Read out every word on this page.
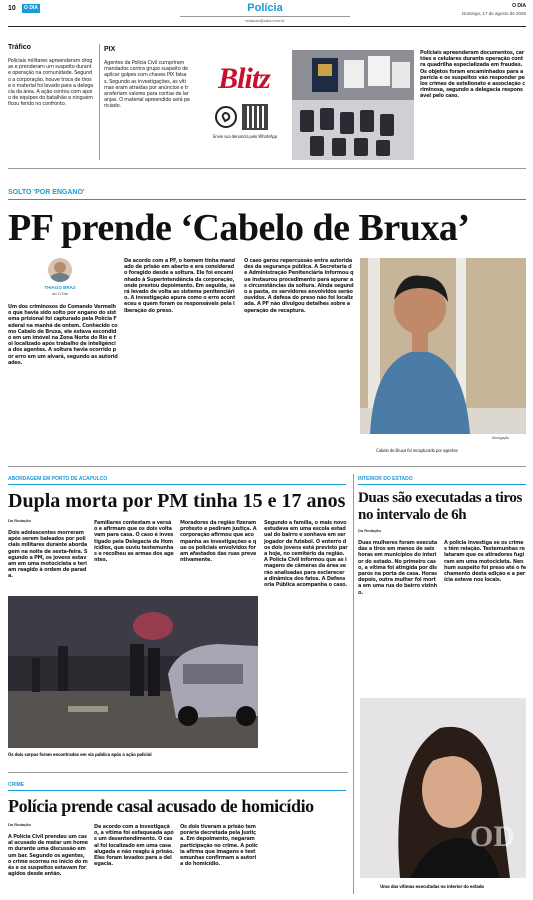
10	O DIA	Polícia
redacao@odia.com.br
O DIA
Domingo, 17 de agosto de 2025
Tráfico
Policiais militares apreenderam drogas e prenderam um suspeito durante operação na comunidade. Segundo a corporação, houve troca de tiros e o material foi levado para a delegacia da área. A ação contou com apoio de equipes do batalhão e ninguém ficou ferido no confronto.
PIX
Agentes da Polícia Civil cumpriram mandados contra grupo suspeito de aplicar golpes com chaves PIX falsas. Segundo as investigações, as vítimas eram atraídas por anúncios e transferiam valores para contas de laranjas. O material apreendido será periciado.
Blitz
Envie sua denúncia pelo WhatsApp
Policiais apreenderam documentos, cartões e celulares durante operação contra quadrilha especializada em fraudes. Os objetos foram encaminhados para a perícia e os suspeitos vão responder pelos crimes de estelionato e associação criminosa, segundo a delegacia responsável pelo caso.
SOLTO 'POR ENGANO'
PF prende ‘Cabelo de Bruxa’
THIAGO BRAZ
do O Dia
Um dos criminosos do Comando Vermelho que havia sido solto por engano do sistema prisional foi capturado pela Polícia Federal na manhã de ontem. Conhecido como Cabelo de Bruxa, ele estava escondido em um imóvel na Zona Norte do Rio e foi localizado após trabalho de inteligência dos agentes. A soltura havia ocorrido por erro em um alvará, segundo as autoridades.
De acordo com a PF, o homem tinha mandado de prisão em aberto e era considerado foragido desde a soltura. Ele foi encaminhado à Superintendência da corporação, onde prestou depoimento. Em seguida, será levado de volta ao sistema penitenciário. A investigação apura como o erro aconteceu e quem foram os responsáveis pela liberação do preso.
O caso gerou repercussão entre autoridades da segurança pública. A Secretaria de Administração Penitenciária informou que instaurou procedimento para apurar as circunstâncias da soltura. Ainda segundo a pasta, os servidores envolvidos serão ouvidos. A defesa do preso não foi localizada. A PF não divulgou detalhes sobre a operação de recaptura.
Divulgação
Cabelo de Bruxa foi recapturado por agentes
ABORDAGEM EM PORTO DE ACAPULCO
Dupla morta por PM tinha 15 e 17 anos
Da Redação
Dois adolescentes morreram após serem baleados por policiais militares durante abordagem na noite de sexta-feira. Segundo a PM, os jovens estavam em uma motocicleta e teriam reagido à ordem de parada.
Familiares contestam a versão e afirmam que os dois voltavam para casa. O caso é investigado pela Delegacia de Homicídios, que ouviu testemunhas e recolheu as armas dos agentes.
Moradores da região fizeram protesto e pediram justiça. A corporação afirmou que acompanha as investigações e que os policiais envolvidos foram afastados das ruas preventivamente.
Segundo a família, o mais novo estudava em uma escola estadual do bairro e sonhava em ser jogador de futebol. O enterro dos dois jovens está previsto para hoje, no cemitério da região. A Polícia Civil informou que as imagens de câmeras da área serão analisadas para esclarecer a dinâmica dos fatos. A Defensoria Pública acompanha o caso.
Os dois corpos foram encontrados em via pública após a ação policial
INTERIOR DO ESTADO
Duas são executadas a tiros no intervalo de 6h
Da Redação
Duas mulheres foram executadas a tiros em menos de seis horas em municípios do interior do estado. No primeiro caso, a vítima foi atingida por disparos na porta de casa. Horas depois, outra mulher foi morta em uma rua do bairro vizinho.
A polícia investiga se os crimes têm relação. Testemunhas relataram que os atiradores fugiram em uma motocicleta. Nenhum suspeito foi preso até o fechamento desta edição e a perícia esteve nos locais.
OD
Uma das vítimas executadas no interior do estado
CRIME
Polícia prende casal acusado de homicídio
Da Redação
A Polícia Civil prendeu um casal acusado de matar um homem durante uma discussão em um bar. Segundo os agentes, o crime ocorreu no início do mês e os suspeitos estavam foragidos desde então.
De acordo com a investigação, a vítima foi esfaqueada após um desentendimento. O casal foi localizado em uma casa alugada e não reagiu à prisão. Eles foram levados para a delegacia.
Os dois tiveram a prisão temporária decretada pela Justiça. Em depoimento, negaram participação no crime. A polícia afirma que imagens e testemunhas confirmam a autoria do homicídio.
